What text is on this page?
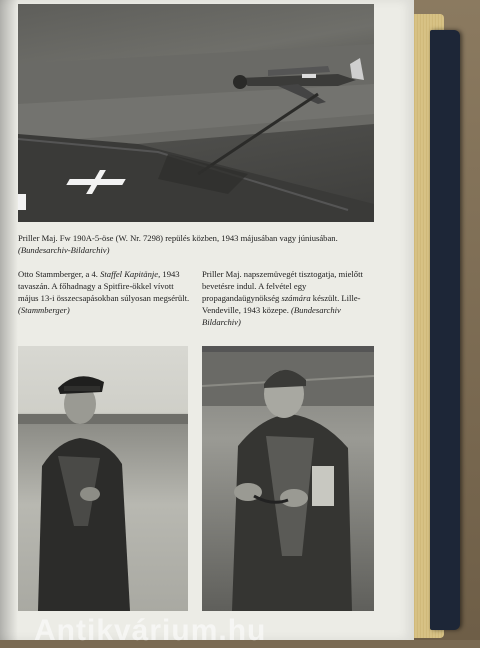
Priller Maj. Fw 190A-5-öse (W. Nr. 7298) repülés közben, 1943 májusában vagy júniusában. (Bundesarchiv-Bildarchiv)

Otto Stammberger, a 4. Staffel Kapitänje, 1943 tavaszán. A főhadnagy a Spitfire-ökkel vívott május 13-i összecsapásokban súlyosan megsérült. (Stammberger)

Priller Maj. napszemüvegét tisztogatja, mielőtt bevetésre indul. A felvétel egy propagandaügynökség számára készült. Lille-Vendeville, 1943 közepe. (Bundesarchiv Bildarchiv)

Antikvárium.hu
